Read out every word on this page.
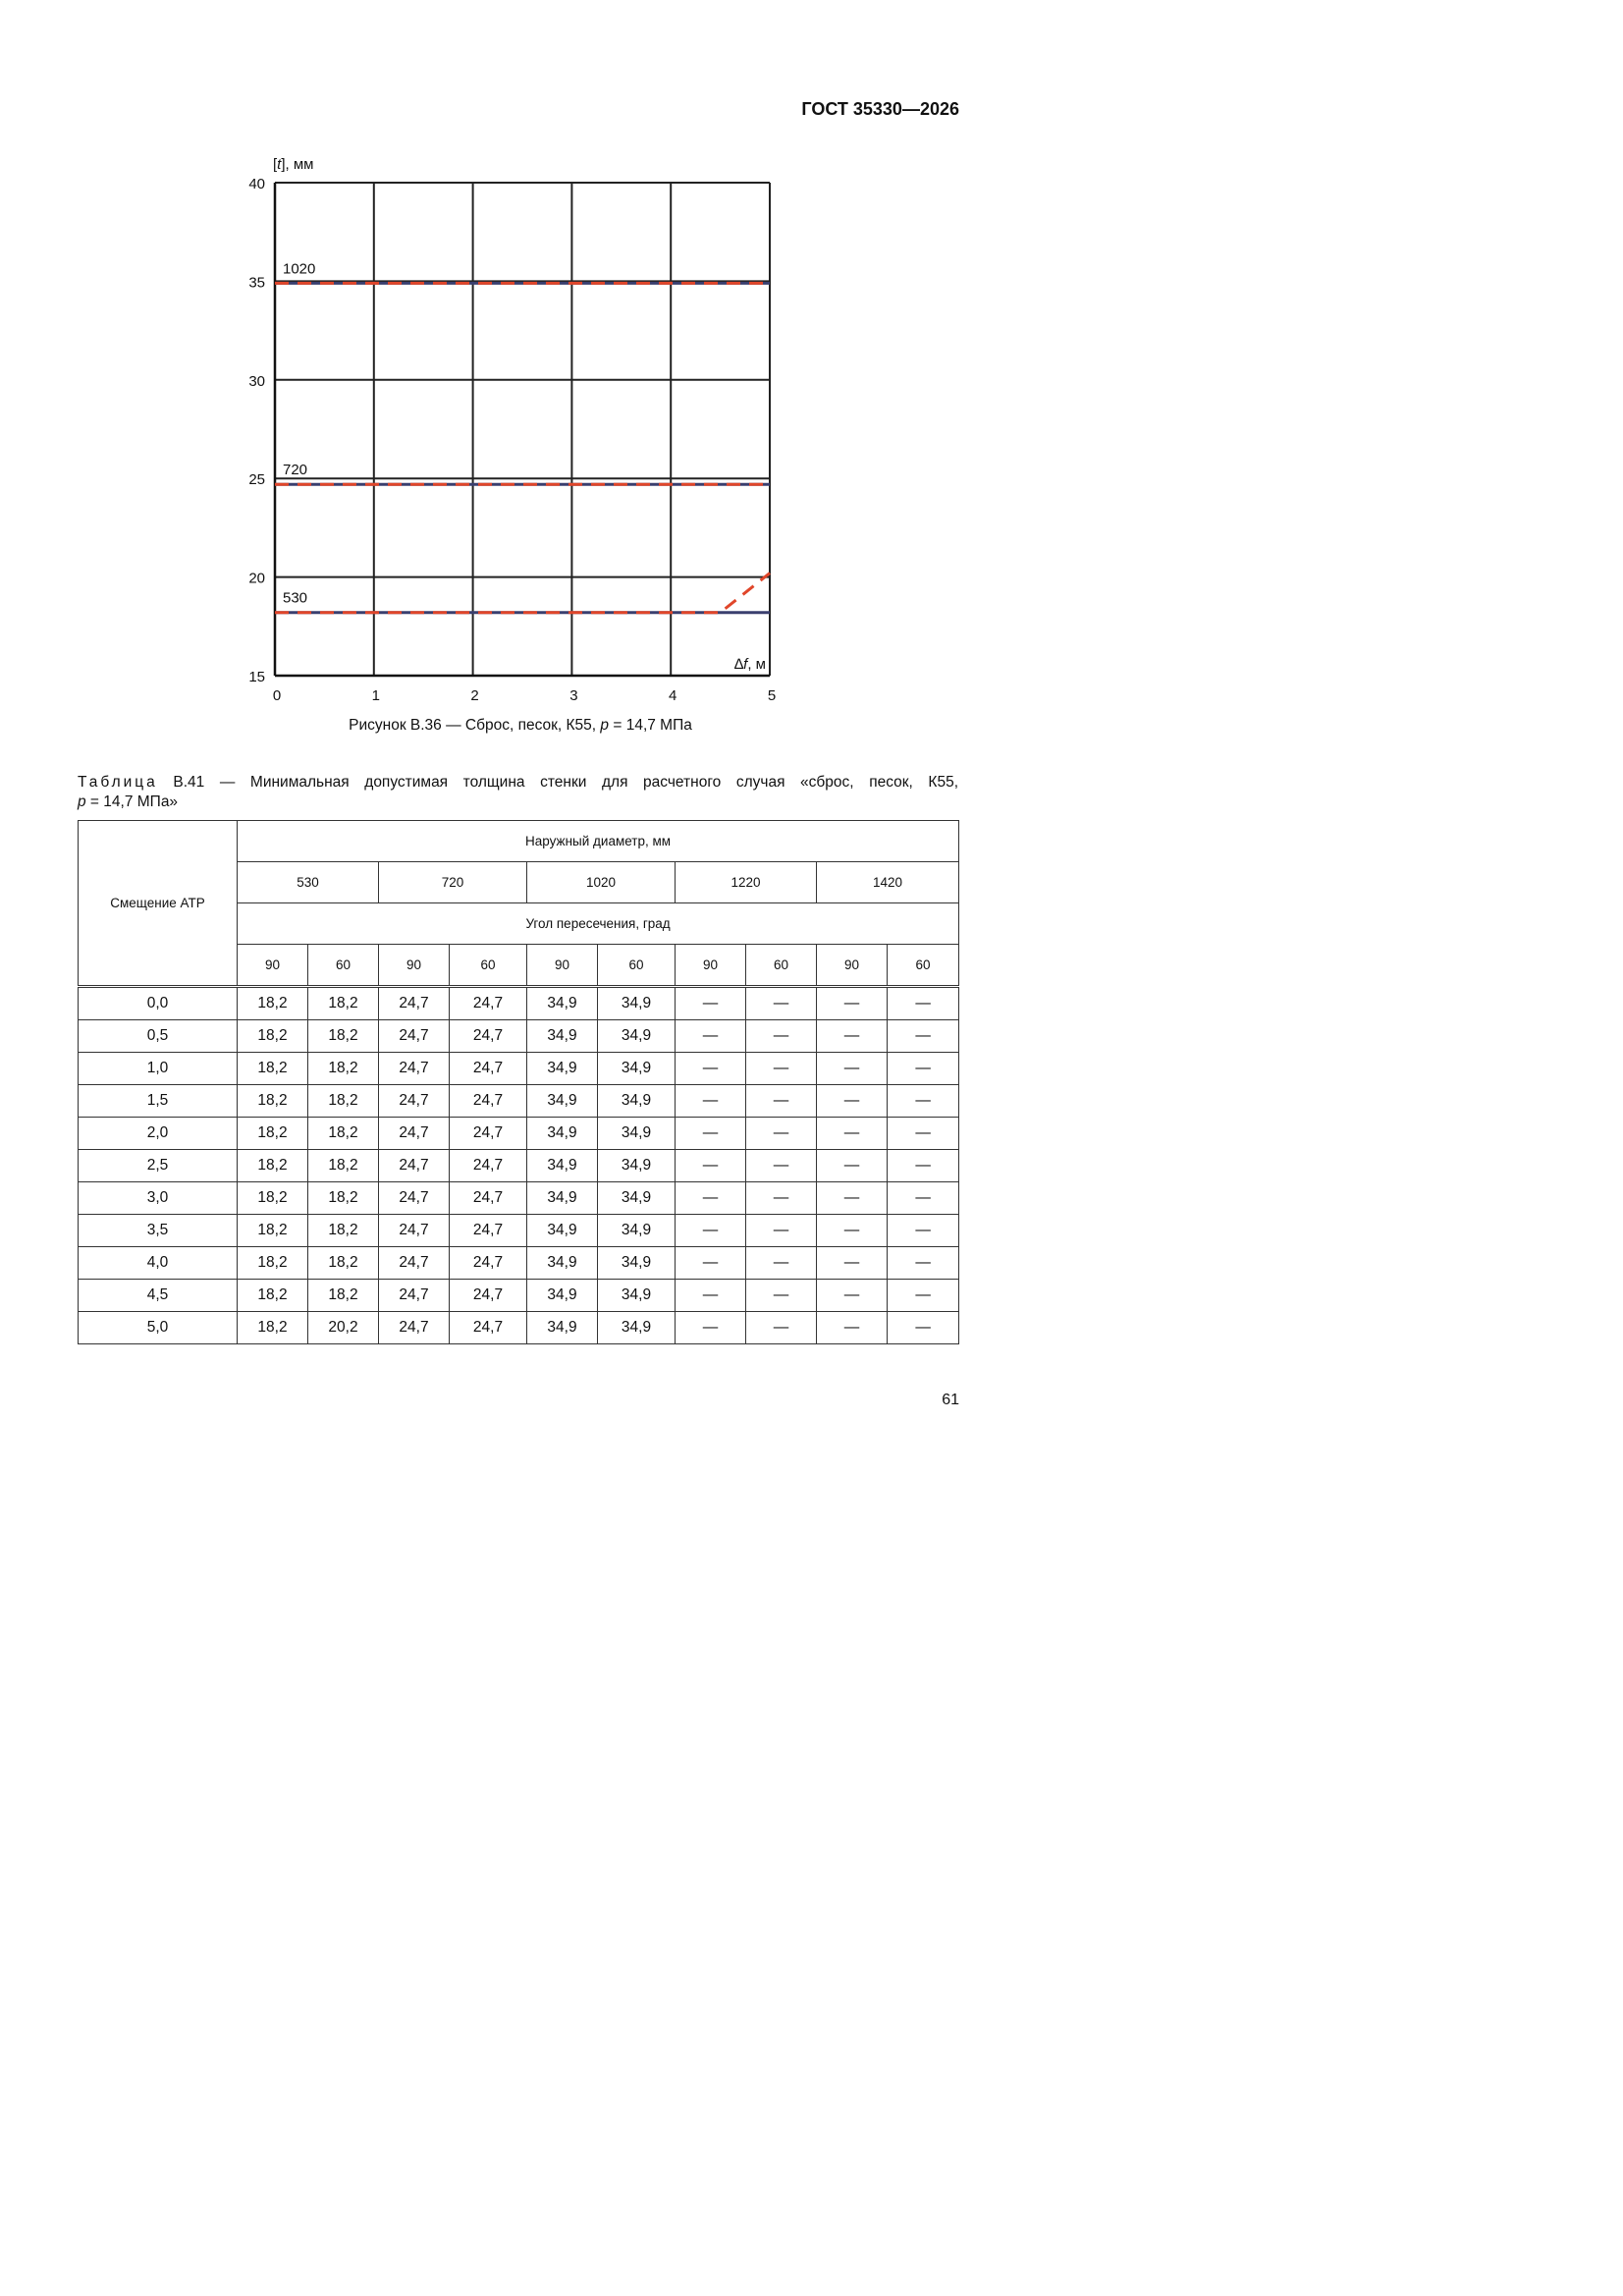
ГОСТ 35330—2026
1020
720
530
0	1	2	3	4	5
15
20
25
30
35
40
[t], мм
∆f, м
Рисунок В.36 — Сброс, песок, К55, p = 14,7 МПа
Таблица В.41 — Минимальная допустимая толщина стенки для расчетного случая «сброс, песок, К55,
p = 14,7 МПа»
Смещение АТР	Наружный диаметр, мм									
	530		720		1020		1220		1420	
	Угол пересечения, град									
	90	60	90	60	90	60	90	60	90	60
0,0	18,2	18,2	24,7	24,7	34,9	34,9	—	—	—	—
0,5	18,2	18,2	24,7	24,7	34,9	34,9	—	—	—	—
1,0	18,2	18,2	24,7	24,7	34,9	34,9	—	—	—	—
1,5	18,2	18,2	24,7	24,7	34,9	34,9	—	—	—	—
2,0	18,2	18,2	24,7	24,7	34,9	34,9	—	—	—	—
2,5	18,2	18,2	24,7	24,7	34,9	34,9	—	—	—	—
3,0	18,2	18,2	24,7	24,7	34,9	34,9	—	—	—	—
3,5	18,2	18,2	24,7	24,7	34,9	34,9	—	—	—	—
4,0	18,2	18,2	24,7	24,7	34,9	34,9	—	—	—	—
4,5	18,2	18,2	24,7	24,7	34,9	34,9	—	—	—	—
5,0	18,2	20,2	24,7	24,7	34,9	34,9	—	—	—	—
61
